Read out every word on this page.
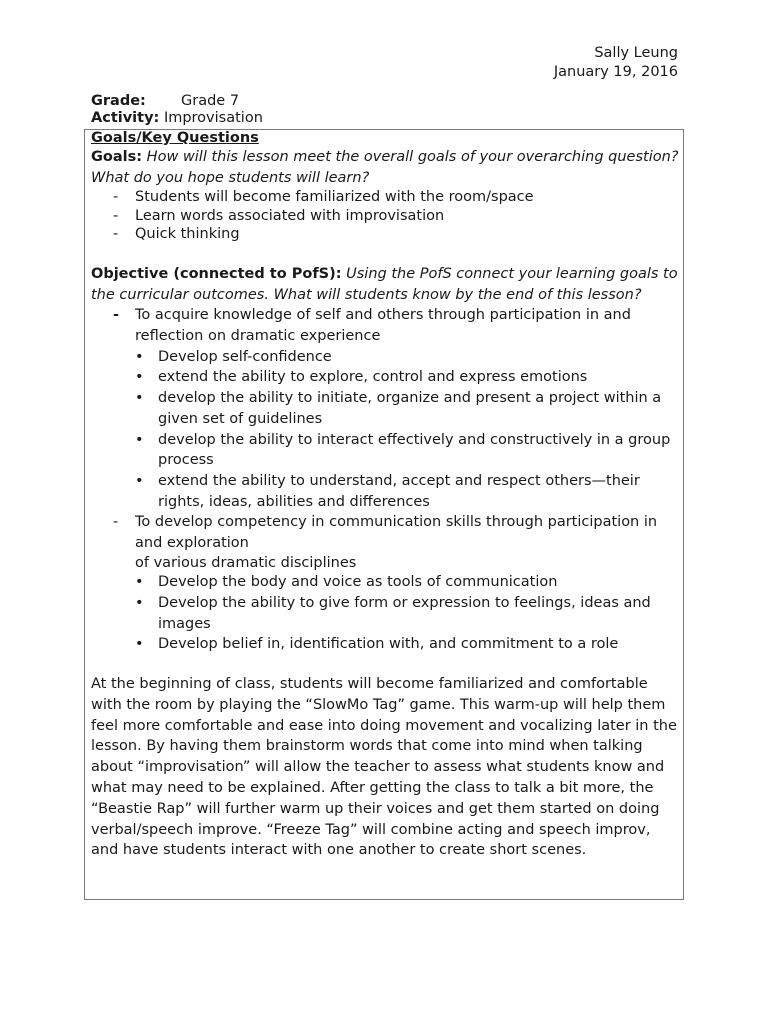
Sally Leung
January 19, 2016
Grade: Grade 7
Activity: Improvisation
Goals/Key Questions
Goals: How will this lesson meet the overall goals of your overarching question? What do you hope students will learn?
- Students will become familiarized with the room/space
- Learn words associated with improvisation
- Quick thinking
Objective (connected to PofS): Using the PofS connect your learning goals to the curricular outcomes. What will students know by the end of this lesson?
- To acquire knowledge of self and others through participation in and reflection on dramatic experience
• Develop self-confidence
• extend the ability to explore, control and express emotions
• develop the ability to initiate, organize and present a project within a given set of guidelines
• develop the ability to interact effectively and constructively in a group process
• extend the ability to understand, accept and respect others—their rights, ideas, abilities and differences
- To develop competency in communication skills through participation in and exploration
of various dramatic disciplines
• Develop the body and voice as tools of communication
• Develop the ability to give form or expression to feelings, ideas and images
• Develop belief in, identification with, and commitment to a role
At the beginning of class, students will become familiarized and comfortable with the room by playing the “SlowMo Tag” game. This warm-up will help them feel more comfortable and ease into doing movement and vocalizing later in the lesson. By having them brainstorm words that come into mind when talking about “improvisation” will allow the teacher to assess what students know and what may need to be explained. After getting the class to talk a bit more, the “Beastie Rap” will further warm up their voices and get them started on doing verbal/speech improve. “Freeze Tag” will combine acting and speech improv, and have students interact with one another to create short scenes.
